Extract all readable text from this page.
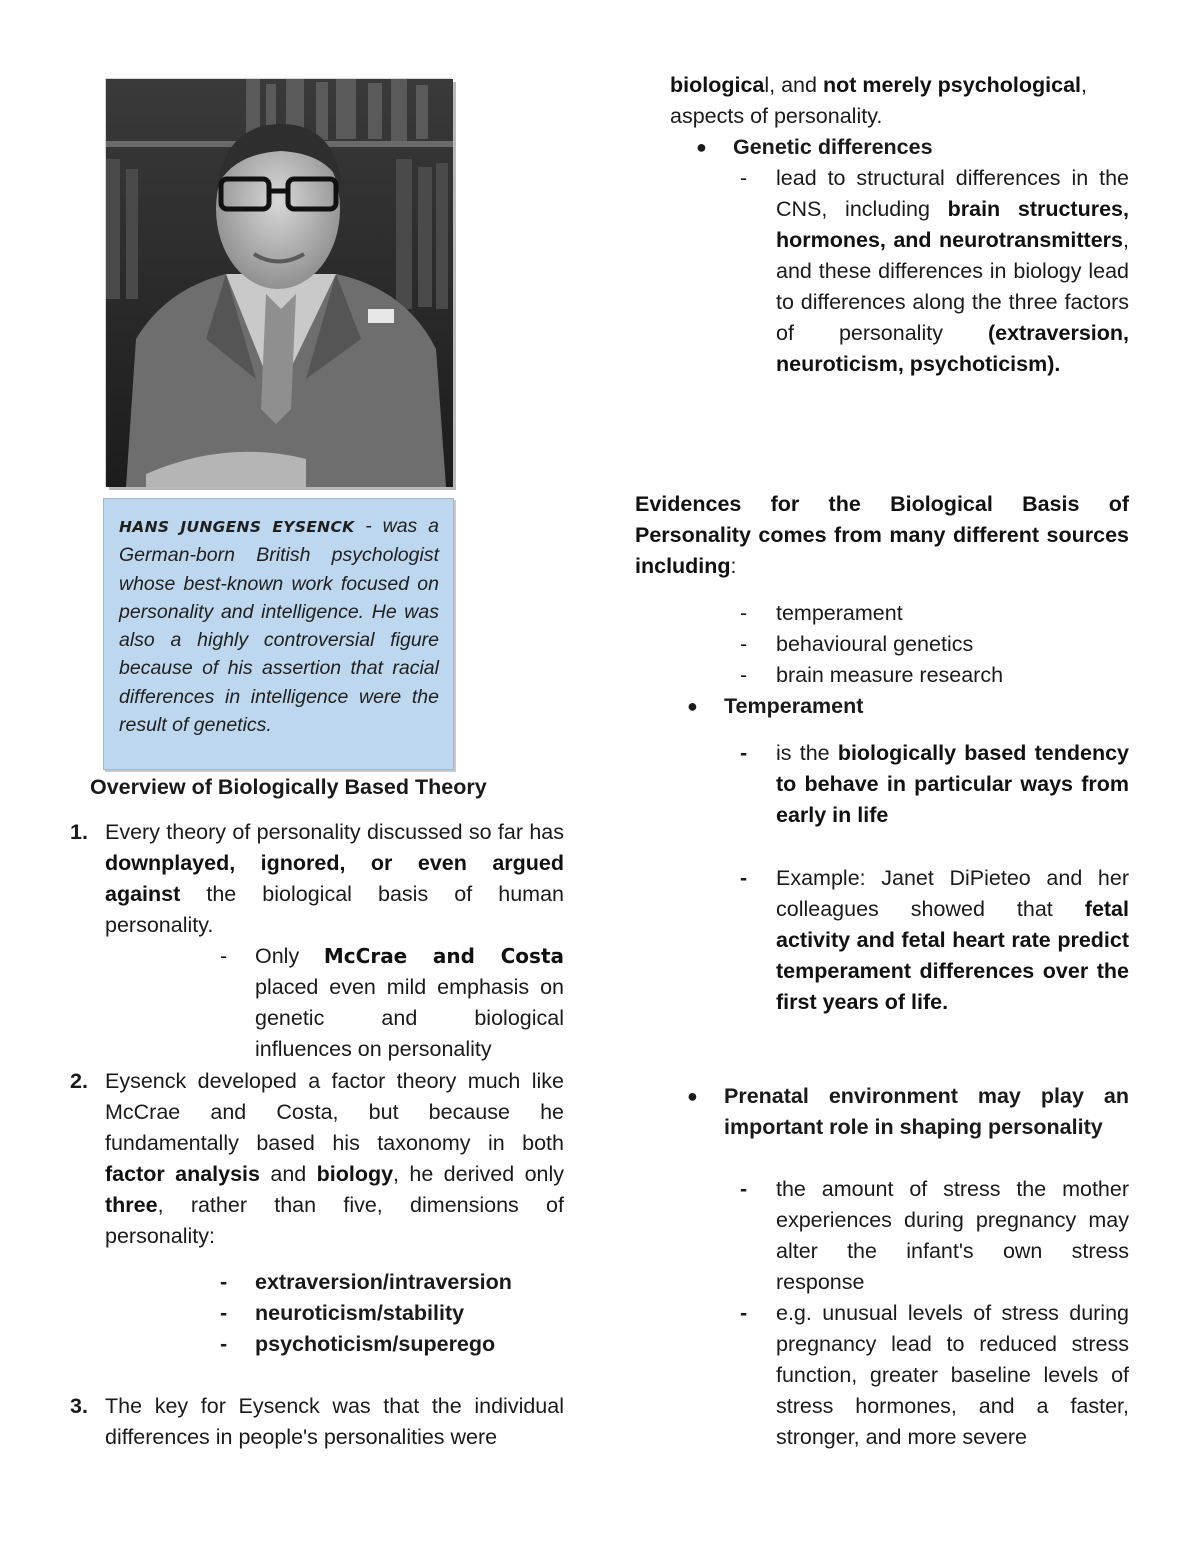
HANS JUNGENS EYSENCK - was a German-born British psychologist whose best-known work focused on personality and intelligence. He was also a highly controversial figure because of his assertion that racial differences in intelligence were the result of genetics.
Overview of Biologically Based Theory
1. Every theory of personality discussed so far has downplayed, ignored, or even argued against the biological basis of human personality.
- Only McCrae and Costa placed even mild emphasis on genetic and biological influences on personality
2. Eysenck developed a factor theory much like McCrae and Costa, but because he fundamentally based his taxonomy in both factor analysis and biology, he derived only three, rather than five, dimensions of personality:
- extraversion/intraversion
- neuroticism/stability
- psychoticism/superego
3. The key for Eysenck was that the individual differences in people's personalities were
biological, and not merely psychological, aspects of personality.
● Genetic differences
- lead to structural differences in the CNS, including brain structures, hormones, and neurotransmitters, and these differences in biology lead to differences along the three factors of personality (extraversion, neuroticism, psychoticism).
Evidences for the Biological Basis of Personality comes from many different sources including:
- temperament
- behavioural genetics
- brain measure research
● Temperament
- is the biologically based tendency to behave in particular ways from early in life
- Example: Janet DiPieteo and her colleagues showed that fetal activity and fetal heart rate predict temperament differences over the first years of life.
● Prenatal environment may play an important role in shaping personality
- the amount of stress the mother experiences during pregnancy may alter the infant's own stress response
- e.g. unusual levels of stress during pregnancy lead to reduced stress function, greater baseline levels of stress hormones, and a faster, stronger, and more severe
